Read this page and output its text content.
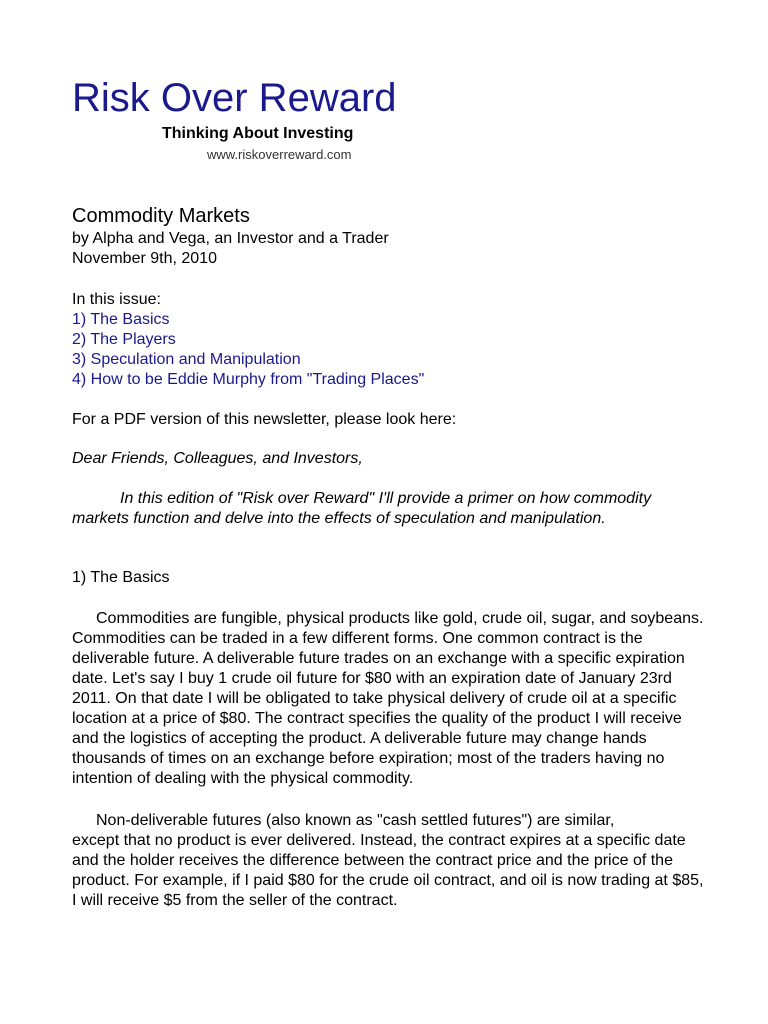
Risk Over Reward
Thinking About Investing
www.riskoverreward.com
Commodity Markets
by Alpha and Vega, an Investor and a Trader
November 9th, 2010
In this issue:
1) The Basics
2) The Players
3) Speculation and Manipulation
4) How to be Eddie Murphy from "Trading Places"
For a PDF version of this newsletter, please look here:
Dear Friends, Colleagues, and Investors,

In this edition of "Risk over Reward" I'll provide a primer on how commodity markets function and delve into the effects of speculation and manipulation.

1) The Basics

Commodities are fungible, physical products like gold, crude oil, sugar, and soybeans. Commodities can be traded in a few different forms. One common contract is the deliverable future. A deliverable future trades on an exchange with a specific expiration date. Let's say I buy 1 crude oil future for $80 with an expiration date of January 23rd 2011. On that date I will be obligated to take physical delivery of crude oil at a specific location at a price of $80. The contract specifies the quality of the product I will receive and the logistics of accepting the product. A deliverable future may change hands thousands of times on an exchange before expiration; most of the traders having no intention of dealing with the physical commodity.

Non-deliverable futures (also known as "cash settled futures") are similar,
except that no product is ever delivered. Instead, the contract expires at a specific date and the holder receives the difference between the contract price and the price of the product. For example, if I paid $80 for the crude oil contract, and oil is now trading at $85, I will receive $5 from the seller of the contract.
